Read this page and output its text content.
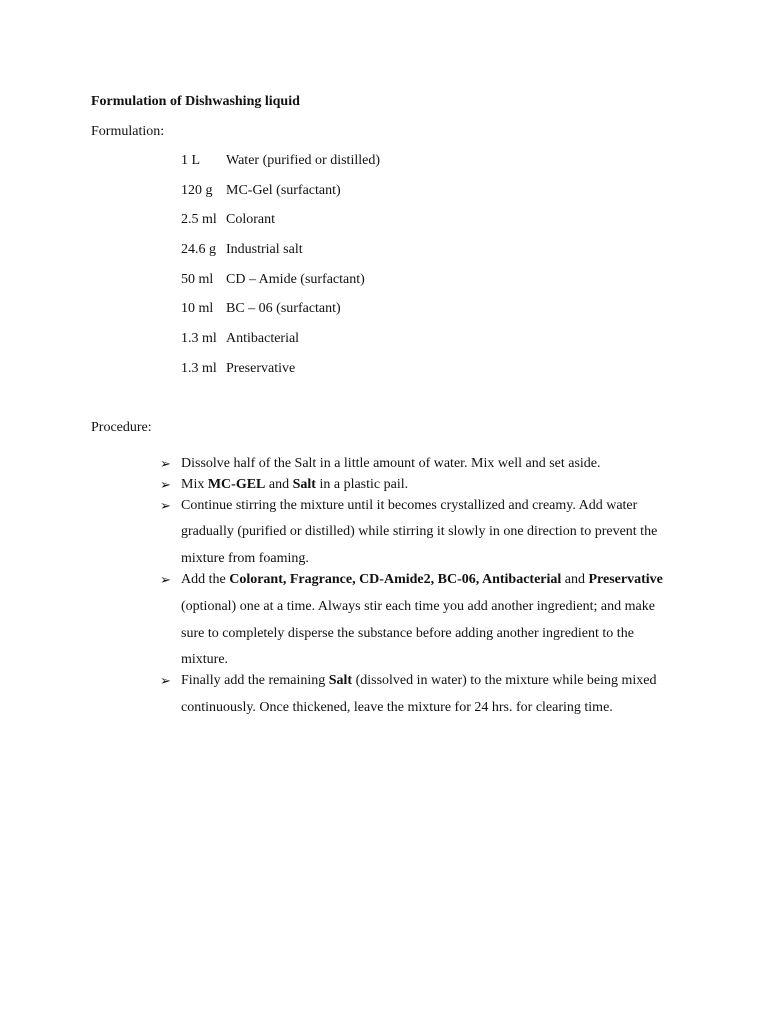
Formulation of Dishwashing liquid
Formulation:
1 L	Water (purified or distilled)
120 g MC-Gel (surfactant)
2.5 ml Colorant
24.6 g Industrial salt
50 ml CD – Amide (surfactant)
10 ml BC – 06 (surfactant)
1.3 ml Antibacterial
1.3 ml Preservative
Procedure:
➢ Dissolve half of the Salt in a little amount of water. Mix well and set aside.
➢ Mix MC-GEL and Salt in a plastic pail.
➢ Continue stirring the mixture until it becomes crystallized and creamy. Add water gradually (purified or distilled) while stirring it slowly in one direction to prevent the mixture from foaming.
➢ Add the Colorant, Fragrance, CD-Amide2, BC-06, Antibacterial and Preservative (optional) one at a time. Always stir each time you add another ingredient; and make sure to completely disperse the substance before adding another ingredient to the mixture.
➢ Finally add the remaining Salt (dissolved in water) to the mixture while being mixed continuously. Once thickened, leave the mixture for 24 hrs. for clearing time.
